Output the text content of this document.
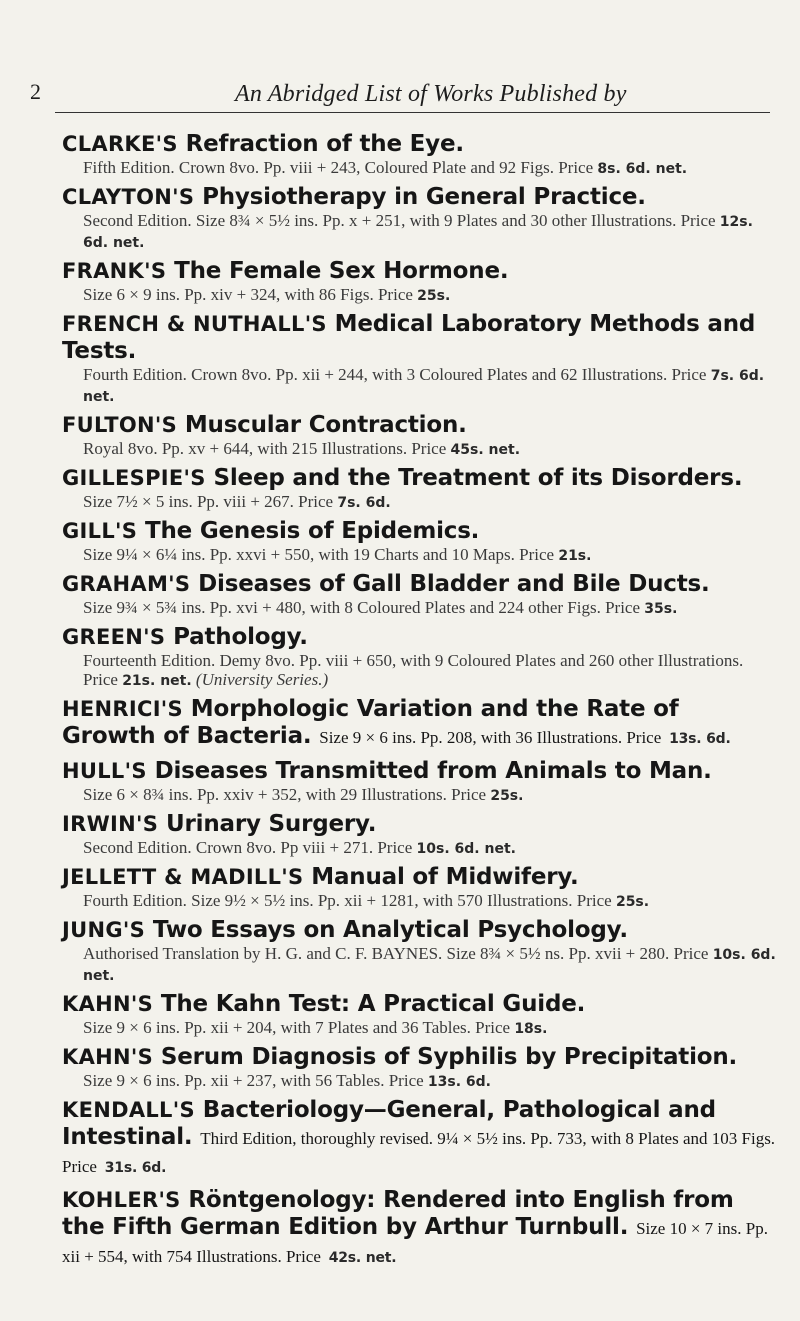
2	An Abridged List of Works Published by
CLARKE'S Refraction of the Eye.
Fifth Edition. Crown 8vo. Pp. viii + 243, Coloured Plate and 92 Figs. Price 8s. 6d. net.
CLAYTON'S Physiotherapy in General Practice.
Second Edition. Size 8¾ × 5½ ins. Pp. x + 251, with 9 Plates and 30 other Illustrations. Price 12s. 6d. net.
FRANK'S The Female Sex Hormone.
Size 6 × 9 ins. Pp. xiv + 324, with 86 Figs. Price 25s.
FRENCH & NUTHALL'S Medical Laboratory Methods and Tests.
Fourth Edition. Crown 8vo. Pp. xii + 244, with 3 Coloured Plates and 62 Illustrations. Price 7s. 6d. net.
FULTON'S Muscular Contraction.
Royal 8vo. Pp. xv + 644, with 215 Illustrations. Price 45s. net.
GILLESPIE'S Sleep and the Treatment of its Disorders.
Size 7½ × 5 ins. Pp. viii + 267. Price 7s. 6d.
GILL'S The Genesis of Epidemics.
Size 9¼ × 6¼ ins. Pp. xxvi + 550, with 19 Charts and 10 Maps. Price 21s.
GRAHAM'S Diseases of Gall Bladder and Bile Ducts.
Size 9¾ × 5¾ ins. Pp. xvi + 480, with 8 Coloured Plates and 224 other Figs. Price 35s.
GREEN'S Pathology.
Fourteenth Edition. Demy 8vo. Pp. viii + 650, with 9 Coloured Plates and 260 other Illustrations. Price 21s. net. (University Series.)
HENRICI'S Morphologic Variation and the Rate of Growth of Bacteria. Size 9 × 6 ins. Pp. 208, with 36 Illustrations. Price 13s. 6d.
HULL'S Diseases Transmitted from Animals to Man.
Size 6 × 8¾ ins. Pp. xxiv + 352, with 29 Illustrations. Price 25s.
IRWIN'S Urinary Surgery.
Second Edition. Crown 8vo. Pp viii + 271. Price 10s. 6d. net.
JELLETT & MADILL'S Manual of Midwifery.
Fourth Edition. Size 9½ × 5½ ins. Pp. xii + 1281, with 570 Illustrations. Price 25s.
JUNG'S Two Essays on Analytical Psychology.
Authorised Translation by H. G. and C. F. BAYNES. Size 8¾ × 5½ ns. Pp. xvii + 280. Price 10s. 6d. net.
KAHN'S The Kahn Test: A Practical Guide.
Size 9 × 6 ins. Pp. xii + 204, with 7 Plates and 36 Tables. Price 18s.
KAHN'S Serum Diagnosis of Syphilis by Precipitation.
Size 9 × 6 ins. Pp. xii + 237, with 56 Tables. Price 13s. 6d.
KENDALL'S Bacteriology—General, Pathological and Intestinal. Third Edition, thoroughly revised. 9¼ × 5½ ins. Pp. 733, with 8 Plates and 103 Figs. Price 31s. 6d.
KOHLER'S Röntgenology: Rendered into English from the Fifth German Edition by Arthur Turnbull. Size 10 × 7 ins. Pp. xii + 554, with 754 Illustrations. Price 42s. net.
